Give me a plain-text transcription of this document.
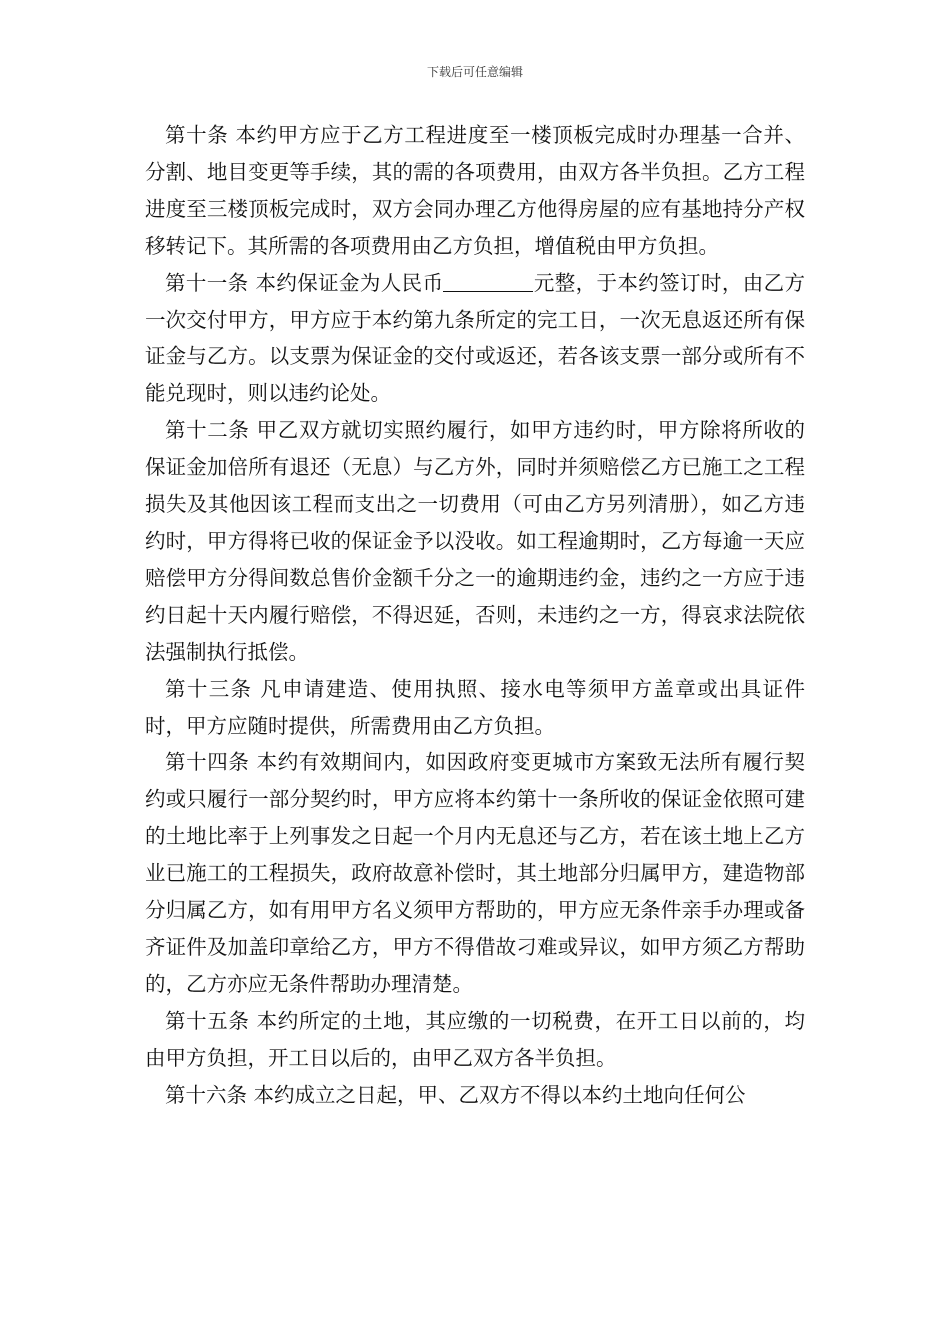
下载后可任意编辑

第十条 本约甲方应于乙方工程进度至一楼顶板完成时办理基一合并、分割、地目变更等手续，其的需的各项费用，由双方各半负担。乙方工程进度至三楼顶板完成时，双方会同办理乙方他得房屋的应有基地持分产权移转记下。其所需的各项费用由乙方负担，增值税由甲方负担。

第十一条 本约保证金为人民币	元整，于本约签订时，由乙方一次交付甲方，甲方应于本约第九条所定的完工日，一次无息返还所有保证金与乙方。以支票为保证金的交付或返还，若各该支票一部分或所有不能兑现时，则以违约论处。

第十二条 甲乙双方就切实照约履行，如甲方违约时，甲方除将所收的保证金加倍所有退还（无息）与乙方外，同时并须赔偿乙方已施工之工程损失及其他因该工程而支出之一切费用（可由乙方另列清册），如乙方违约时，甲方得将已收的保证金予以没收。如工程逾期时，乙方每逾一天应赔偿甲方分得间数总售价金额千分之一的逾期违约金，违约之一方应于违约日起十天内履行赔偿，不得迟延，否则，未违约之一方，得哀求法院依法强制执行抵偿。

第十三条 凡申请建造、使用执照、接水电等须甲方盖章或出具证件时，甲方应随时提供，所需费用由乙方负担。

第十四条 本约有效期间内，如因政府变更城市方案致无法所有履行契约或只履行一部分契约时，甲方应将本约第十一条所收的保证金依照可建的土地比率于上列事发之日起一个月内无息还与乙方，若在该土地上乙方业已施工的工程损失，政府故意补偿时，其土地部分归属甲方，建造物部分归属乙方，如有用甲方名义须甲方帮助的，甲方应无条件亲手办理或备齐证件及加盖印章给乙方，甲方不得借故刁难或异议，如甲方须乙方帮助的，乙方亦应无条件帮助办理清楚。

第十五条 本约所定的土地，其应缴的一切税费，在开工日以前的，均由甲方负担，开工日以后的，由甲乙双方各半负担。

第十六条 本约成立之日起，甲、乙双方不得以本约土地向任何公
